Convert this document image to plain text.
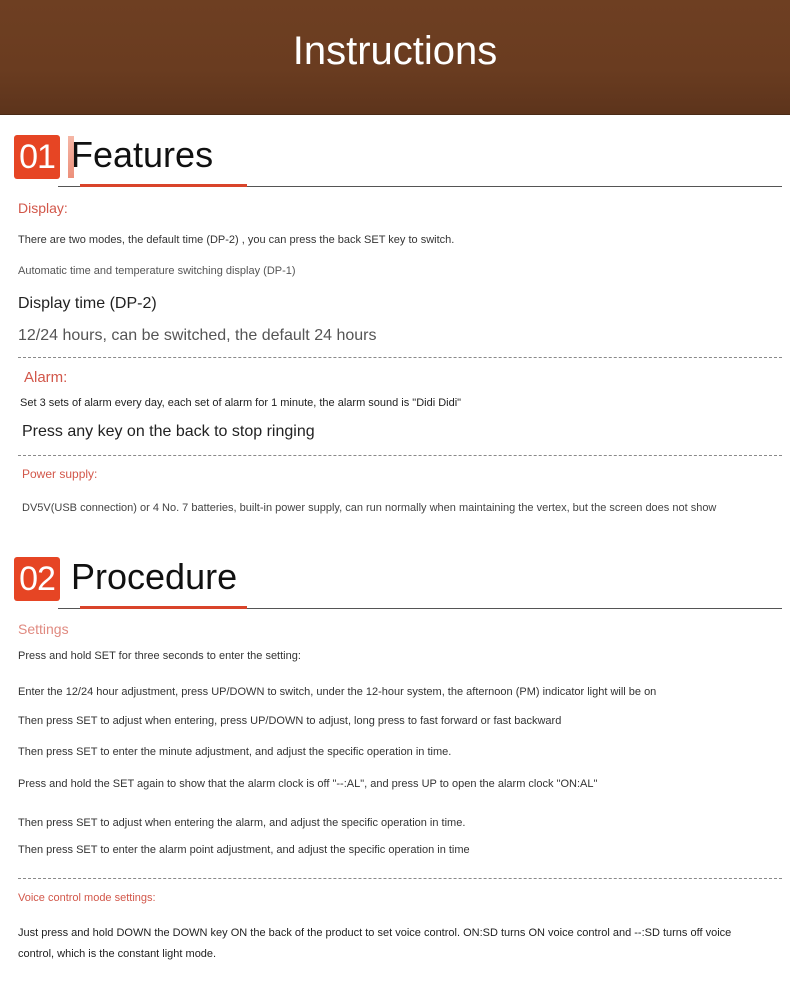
Instructions
01 Features
Display:
There are two modes, the default time (DP-2) , you can press the back SET key to switch.
Automatic time and temperature switching display (DP-1)
Display time (DP-2)
12/24 hours, can be switched, the default 24 hours
Alarm:
Set 3 sets of alarm every day, each set of alarm for 1 minute, the alarm sound is "Didi Didi"
Press any key on the back to stop ringing
Power supply:
DV5V(USB connection) or 4 No. 7 batteries, built-in power supply, can run normally when maintaining the vertex, but the screen does not show
02 Procedure
Settings
Press and hold SET for three seconds to enter the setting:
Enter the 12/24 hour adjustment, press UP/DOWN to switch, under the 12-hour system, the afternoon (PM) indicator light will be on
Then press SET to adjust when entering, press UP/DOWN to adjust, long press to fast forward or fast backward
Then press SET to enter the minute adjustment, and adjust the specific operation in time.
Press and hold the SET again to show that the alarm clock is off "--:AL", and press UP to open the alarm clock "ON:AL"
Then press SET to adjust when entering the alarm, and adjust the specific operation in time.
Then press SET to enter the alarm point adjustment, and adjust the specific operation in time
Voice control mode settings:
Just press and hold DOWN the DOWN key ON the back of the product to set voice control. ON:SD turns ON voice control and --:SD turns off voice control, which is the constant light mode.
